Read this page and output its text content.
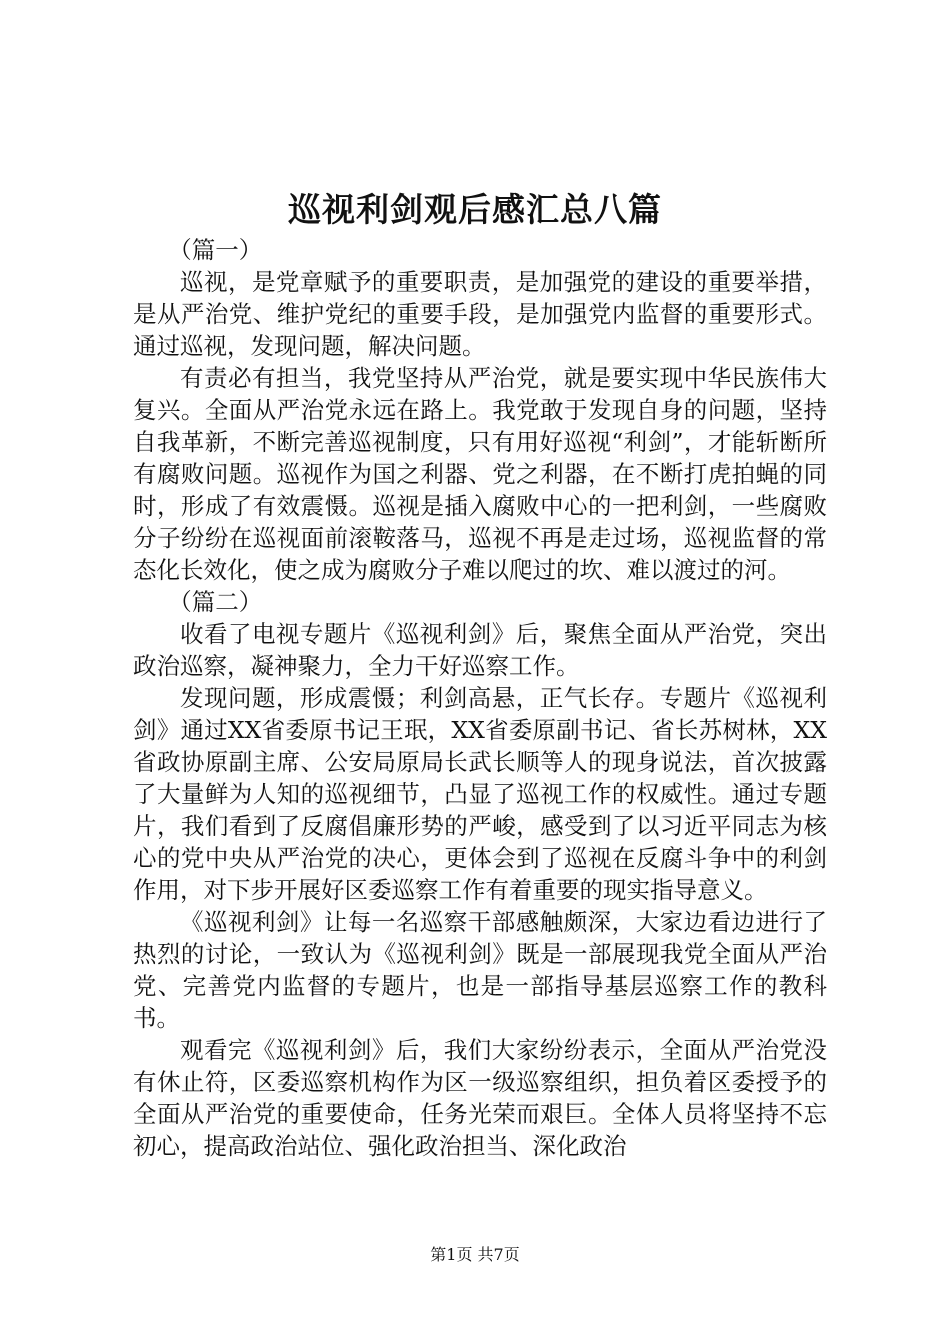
巡视利剑观后感汇总八篇

（篇一）

巡视，是党章赋予的重要职责，是加强党的建设的重要举措，是从严治党、维护党纪的重要手段，是加强党内监督的重要形式。通过巡视，发现问题，解决问题。

有责必有担当，我党坚持从严治党，就是要实现中华民族伟大复兴。全面从严治党永远在路上。我党敢于发现自身的问题，坚持自我革新，不断完善巡视制度，只有用好巡视“利剑”，才能斩断所有腐败问题。巡视作为国之利器、党之利器，在不断打虎拍蝇的同时，形成了有效震慑。巡视是插入腐败中心的一把利剑，一些腐败分子纷纷在巡视面前滚鞍落马，巡视不再是走过场，巡视监督的常态化长效化，使之成为腐败分子难以爬过的坎、难以渡过的河。

（篇二）

收看了电视专题片《巡视利剑》后，聚焦全面从严治党，突出政治巡察，凝神聚力，全力干好巡察工作。

发现问题，形成震慑；利剑高悬，正气长存。专题片《巡视利剑》通过XX省委原书记王珉，XX省委原副书记、省长苏树林，XX省政协原副主席、公安局原局长武长顺等人的现身说法，首次披露了大量鲜为人知的巡视细节，凸显了巡视工作的权威性。通过专题片，我们看到了反腐倡廉形势的严峻，感受到了以习近平同志为核心的党中央从严治党的决心，更体会到了巡视在反腐斗争中的利剑作用，对下步开展好区委巡察工作有着重要的现实指导意义。

《巡视利剑》让每一名巡察干部感触颇深，大家边看边进行了热烈的讨论，一致认为《巡视利剑》既是一部展现我党全面从严治党、完善党内监督的专题片，也是一部指导基层巡察工作的教科书。

观看完《巡视利剑》后，我们大家纷纷表示，全面从严治党没有休止符，区委巡察机构作为区一级巡察组织，担负着区委授予的全面从严治党的重要使命，任务光荣而艰巨。全体人员将坚持不忘初心，提高政治站位、强化政治担当、深化政治

第1页 共7页
